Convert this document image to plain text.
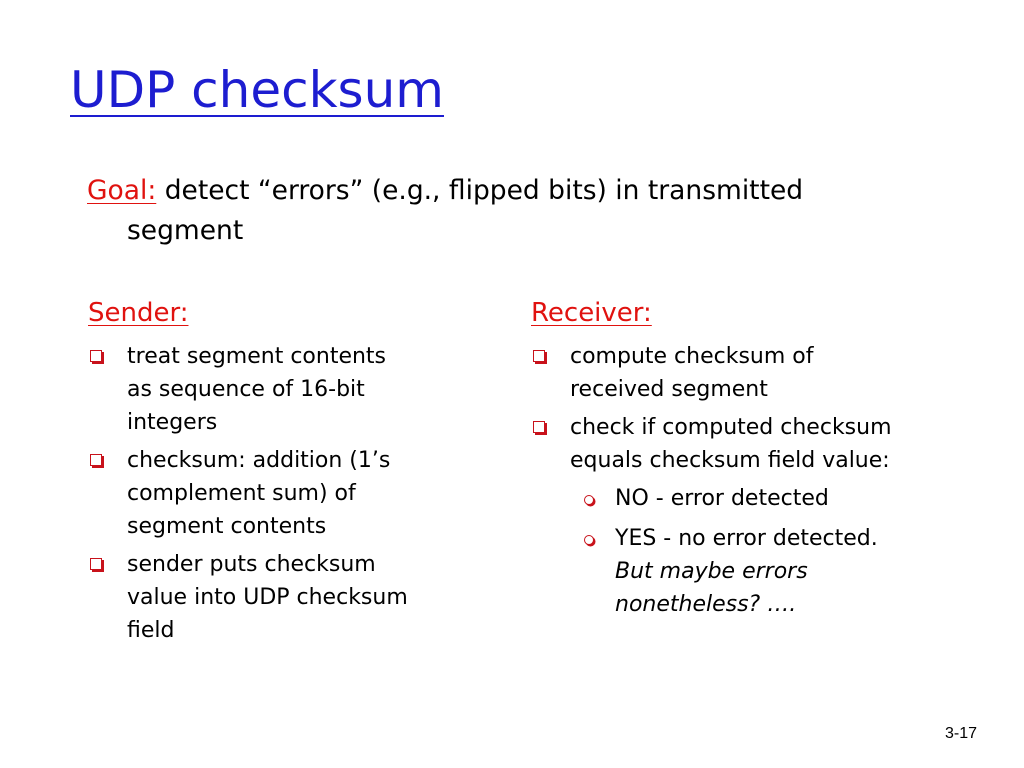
UDP checksum
Goal: detect “errors” (e.g., flipped bits) in transmitted
segment
Sender:
treat segment contents
as sequence of 16-bit
integers
checksum: addition (1’s
complement sum) of
segment contents
sender puts checksum
value into UDP checksum
field
Receiver:
compute checksum of
received segment
check if computed checksum
equals checksum field value:
NO - error detected
YES - no error detected.
But maybe errors
nonetheless? ….
3-17
